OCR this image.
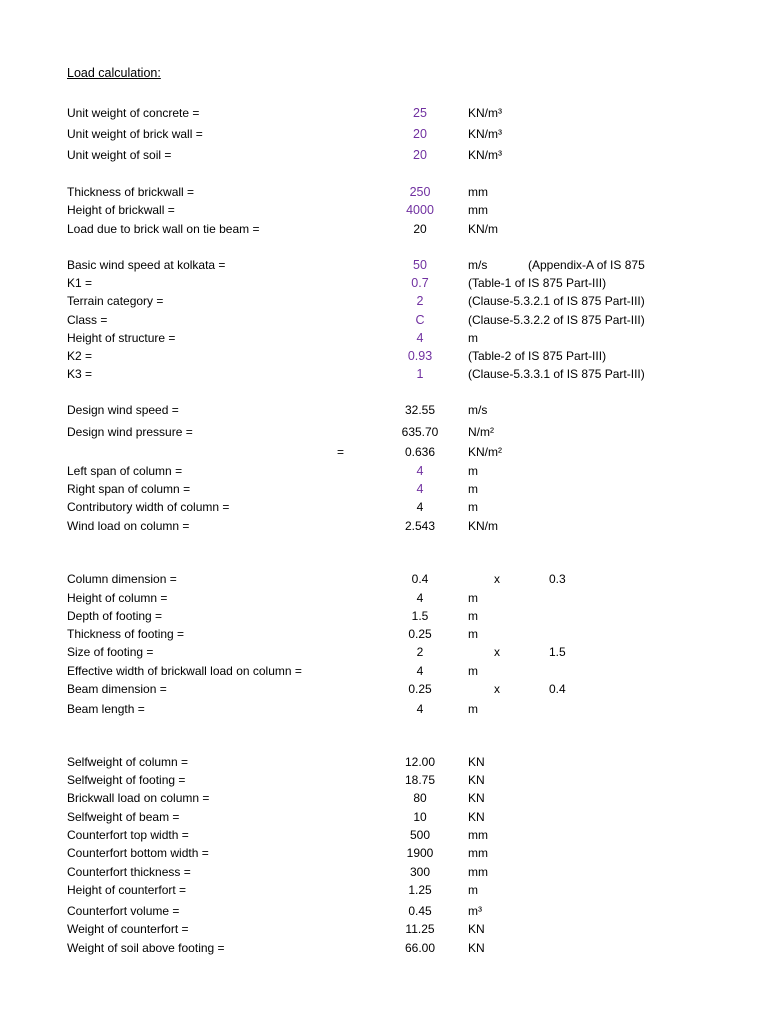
Load calculation:
Unit weight of concrete =	25	KN/m³
Unit weight of brick wall =	20	KN/m³
Unit weight of soil =	20	KN/m³
Thickness of brickwall =	250	mm
Height of brickwall =	4000	mm
Load due to brick wall on tie beam =	20	KN/m
Basic wind speed at kolkata =	50	m/s	(Appendix-A of IS 875
K1 =	0.7	(Table-1 of IS 875 Part-III)
Terrain category =	2	(Clause-5.3.2.1 of IS 875 Part-III)
Class =	C	(Clause-5.3.2.2 of IS 875 Part-III)
Height of structure =	4	m
K2 =	0.93	(Table-2 of IS 875 Part-III)
K3 =	1	(Clause-5.3.3.1 of IS 875 Part-III)
Design wind speed =	32.55	m/s
Design wind pressure =	635.70	N/m²
=	0.636	KN/m²
Left span of column =	4	m
Right span of column =	4	m
Contributory width of column =	4	m
Wind load on column =	2.543	KN/m
Column dimension =	0.4	x	0.3
Height of column =	4	m
Depth of footing =	1.5	m
Thickness of footing =	0.25	m
Size of footing =	2	x	1.5
Effective width of brickwall load on column =	4	m
Beam dimension =	0.25	x	0.4
Beam length =	4	m
Selfweight of column =	12.00	KN
Selfweight of footing =	18.75	KN
Brickwall load on column =	80	KN
Selfweight of beam =	10	KN
Counterfort top width =	500	mm
Counterfort bottom width =	1900	mm
Counterfort thickness =	300	mm
Height of counterfort =	1.25	m
Counterfort volume =	0.45	m³
Weight of counterfort =	11.25	KN
Weight of soil above footing =	66.00	KN
